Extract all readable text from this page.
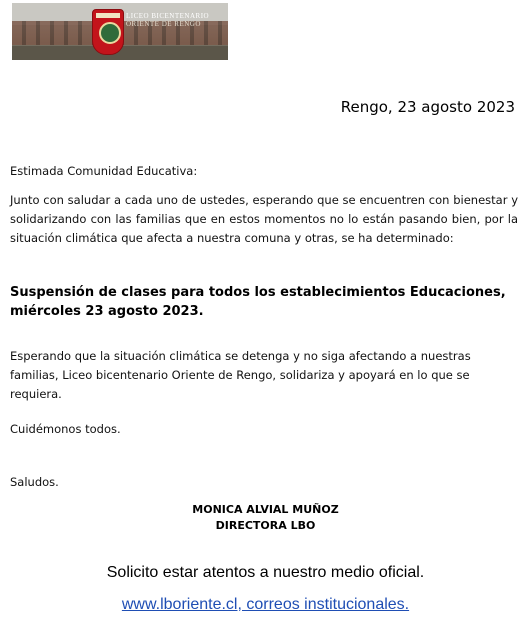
LICEO BICENTENARIO
ORIENTE DE RENGO
Rengo, 23 agosto 2023
Estimada Comunidad Educativa:
Junto con saludar a cada uno de ustedes, esperando que se encuentren con bienestar y solidarizando con las familias que en estos momentos no lo están pasando bien, por la situación climática que afecta a nuestra comuna y otras, se ha determinado:
Suspensión de clases para todos los establecimientos Educaciones, miércoles 23 agosto 2023.
Esperando que la situación climática se detenga y no siga afectando a nuestras familias, Liceo bicentenario Oriente de Rengo, solidariza y apoyará en lo que se requiera.
Cuidémonos todos.
Saludos.
MONICA ALVIAL MUÑOZ
DIRECTORA LBO
Solicito estar atentos a nuestro medio oficial.
www.lboriente.cl, correos institucionales.
